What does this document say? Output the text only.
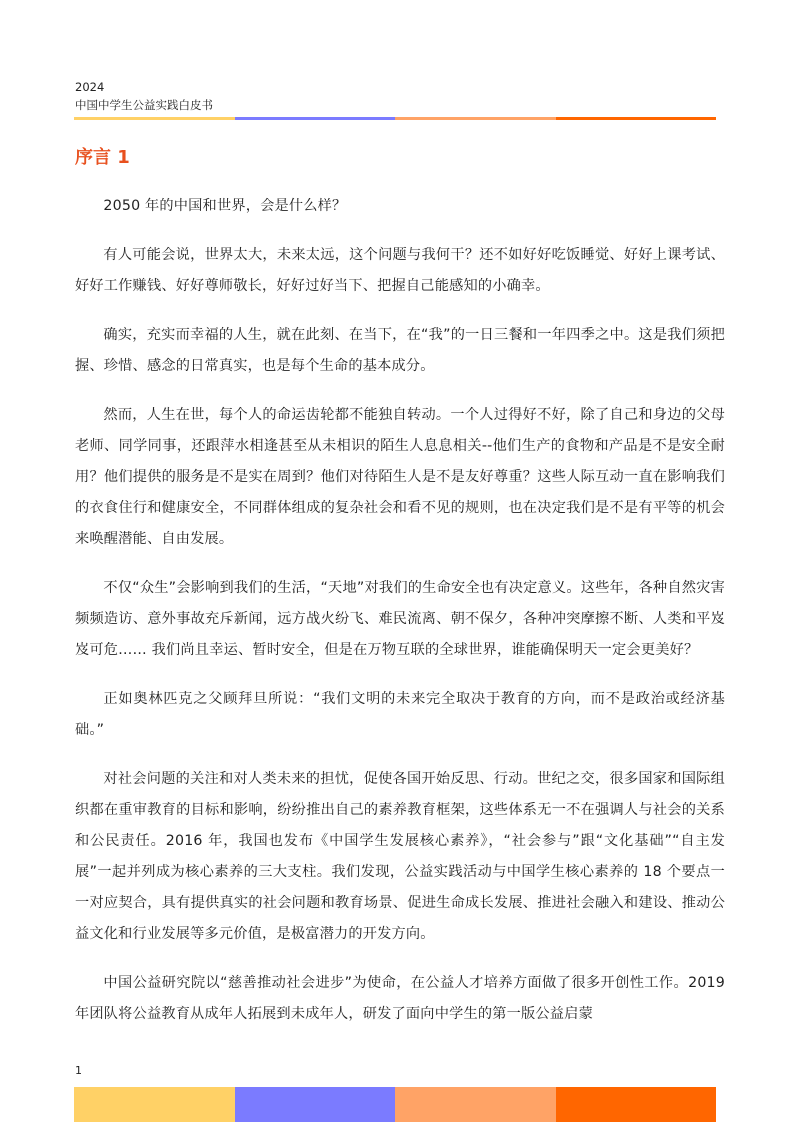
2024
中国中学生公益实践白皮书
序言 1

2050 年的中国和世界，会是什么样？

有人可能会说，世界太大，未来太远，这个问题与我何干？还不如好好吃饭睡觉、好好上课考试、好好工作赚钱、好好尊师敬长，好好过好当下、把握自己能感知的小确幸。

确实，充实而幸福的人生，就在此刻、在当下，在“我”的一日三餐和一年四季之中。这是我们须把握、珍惜、感念的日常真实，也是每个生命的基本成分。

然而，人生在世，每个人的命运齿轮都不能独自转动。一个人过得好不好，除了自己和身边的父母老师、同学同事，还跟萍水相逢甚至从未相识的陌生人息息相关--他们生产的食物和产品是不是安全耐用？他们提供的服务是不是实在周到？他们对待陌生人是不是友好尊重？这些人际互动一直在影响我们的衣食住行和健康安全，不同群体组成的复杂社会和看不见的规则，也在决定我们是不是有平等的机会来唤醒潜能、自由发展。

不仅“众生”会影响到我们的生活，“天地”对我们的生命安全也有决定意义。这些年，各种自然灾害频频造访、意外事故充斥新闻，远方战火纷飞、难民流离、朝不保夕，各种冲突摩擦不断、人类和平岌岌可危…… 我们尚且幸运、暂时安全，但是在万物互联的全球世界，谁能确保明天一定会更美好？

正如奥林匹克之父顾拜旦所说：“我们文明的未来完全取决于教育的方向，而不是政治或经济基础。”

对社会问题的关注和对人类未来的担忧，促使各国开始反思、行动。世纪之交，很多国家和国际组织都在重审教育的目标和影响，纷纷推出自己的素养教育框架，这些体系无一不在强调人与社会的关系和公民责任。2016 年，我国也发布《中国学生发展核心素养》，“社会参与”跟“文化基础”“自主发展”一起并列成为核心素养的三大支柱。我们发现，公益实践活动与中国学生核心素养的 18 个要点一一对应契合，具有提供真实的社会问题和教育场景、促进生命成长发展、推进社会融入和建设、推动公益文化和行业发展等多元价值，是极富潜力的开发方向。

中国公益研究院以“慈善推动社会进步”为使命，在公益人才培养方面做了很多开创性工作。2019 年团队将公益教育从成年人拓展到未成年人，研发了面向中学生的第一版公益启蒙

1
